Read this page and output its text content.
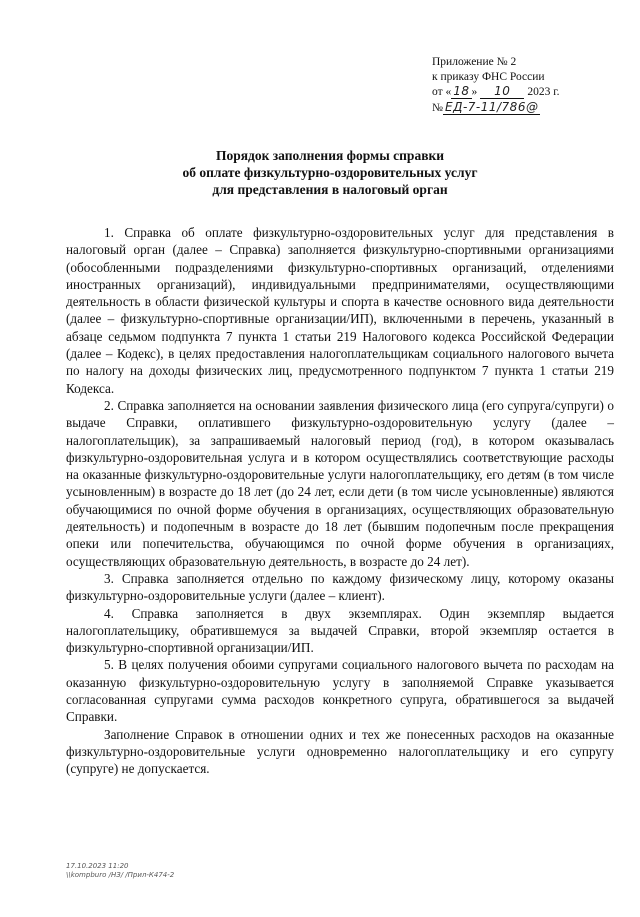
Приложение № 2
к приказу ФНС России
от « 18 » 10 2023 г.
№ ЕД-7-11/786@
Порядок заполнения формы справки
об оплате физкультурно-оздоровительных услуг
для представления в налоговый орган

1. Справка об оплате физкультурно-оздоровительных услуг для представления в налоговый орган (далее – Справка) заполняется физкультурно-спортивными организациями (обособленными подразделениями физкультурно-спортивных организаций, отделениями иностранных организаций), индивидуальными предпринимателями, осуществляющими деятельность в области физической культуры и спорта в качестве основного вида деятельности (далее – физкультурно-спортивные организации/ИП), включенными в перечень, указанный в абзаце седьмом подпункта 7 пункта 1 статьи 219 Налогового кодекса Российской Федерации (далее – Кодекс), в целях предоставления налогоплательщикам социального налогового вычета по налогу на доходы физических лиц, предусмотренного подпунктом 7 пункта 1 статьи 219 Кодекса.

2. Справка заполняется на основании заявления физического лица (его супруга/супруги) о выдаче Справки, оплатившего физкультурно-оздоровительную услугу (далее – налогоплательщик), за запрашиваемый налоговый период (год), в котором оказывалась физкультурно-оздоровительная услуга и в котором осуществлялись соответствующие расходы на оказанные физкультурно-оздоровительные услуги налогоплательщику, его детям (в том числе усыновленным) в возрасте до 18 лет (до 24 лет, если дети (в том числе усыновленные) являются обучающимися по очной форме обучения в организациях, осуществляющих образовательную деятельность) и подопечным в возрасте до 18 лет (бывшим подопечным после прекращения опеки или попечительства, обучающимся по очной форме обучения в организациях, осуществляющих образовательную деятельность, в возрасте до 24 лет).

3. Справка заполняется отдельно по каждому физическому лицу, которому оказаны физкультурно-оздоровительные услуги (далее – клиент).

4. Справка заполняется в двух экземплярах. Один экземпляр выдается налогоплательщику, обратившемуся за выдачей Справки, второй экземпляр остается в физкультурно-спортивной организации/ИП.

5. В целях получения обоими супругами социального налогового вычета по расходам на оказанную физкультурно-оздоровительную услугу в заполняемой Справке указывается согласованная супругами сумма расходов конкретного супруга, обратившегося за выдачей Справки.

Заполнение Справок в отношении одних и тех же понесенных расходов на оказанные физкультурно-оздоровительные услуги одновременно налогоплательщику и его супругу (супруге) не допускается.

17.10.2023 11:20
\\kompburo /НЗ/ /Прил-К474-2
